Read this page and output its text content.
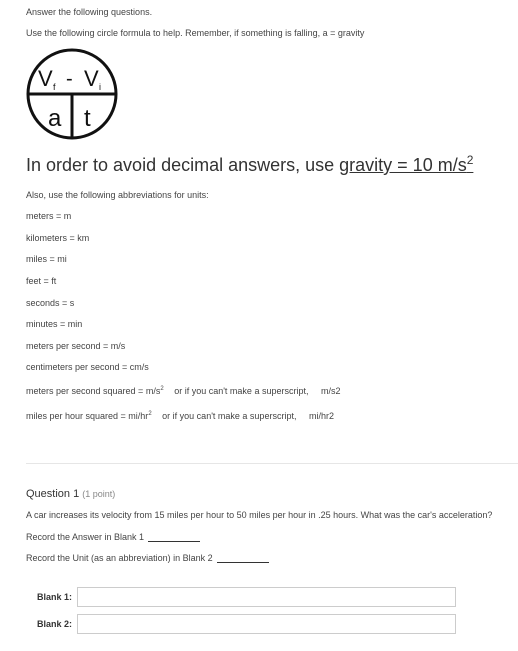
Answer the following questions.
Use the following circle formula to help. Remember, if something is falling, a = gravity
V f - V i
a t
In order to avoid decimal answers, use gravity = 10 $m/s^2$
Also, use the following abbreviations for units:
meters = m
kilometers = km
miles = mi
feet = ft
seconds = s
minutes = min
meters per second = m/s
centimeters per second = cm/s
meters per second squared = $m/s^2$ or if you can't make a superscript, m/s2
miles per hour squared = $mi/hr^2$ or if you can't make a superscript, mi/hr2
Question 1 (1 point)
A car increases its velocity from 15 miles per hour to 50 miles per hour in .25 hours. What was the car's acceleration?
Record the Answer in Blank 1
Record the Unit (as an abbreviation) in Blank 2
Blank 1:
Blank 2:
